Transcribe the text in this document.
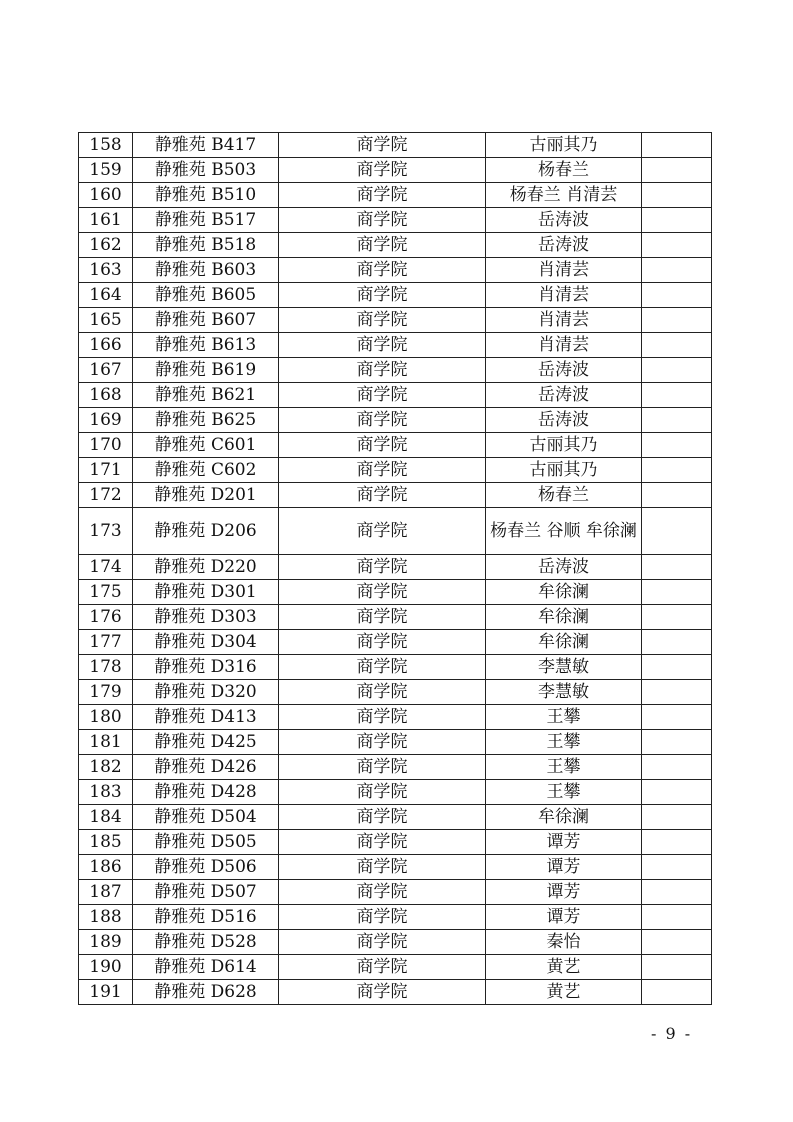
158	静雅苑 B417	商学院	古丽其乃	
159	静雅苑 B503	商学院	杨春兰	
160	静雅苑 B510	商学院	杨春兰 肖清芸	
161	静雅苑 B517	商学院	岳涛波	
162	静雅苑 B518	商学院	岳涛波	
163	静雅苑 B603	商学院	肖清芸	
164	静雅苑 B605	商学院	肖清芸	
165	静雅苑 B607	商学院	肖清芸	
166	静雅苑 B613	商学院	肖清芸	
167	静雅苑 B619	商学院	岳涛波	
168	静雅苑 B621	商学院	岳涛波	
169	静雅苑 B625	商学院	岳涛波	
170	静雅苑 C601	商学院	古丽其乃	
171	静雅苑 C602	商学院	古丽其乃	
172	静雅苑 D201	商学院	杨春兰	
173	静雅苑 D206	商学院	杨春兰 谷顺 牟徐澜	
174	静雅苑 D220	商学院	岳涛波	
175	静雅苑 D301	商学院	牟徐澜	
176	静雅苑 D303	商学院	牟徐澜	
177	静雅苑 D304	商学院	牟徐澜	
178	静雅苑 D316	商学院	李慧敏	
179	静雅苑 D320	商学院	李慧敏	
180	静雅苑 D413	商学院	王攀	
181	静雅苑 D425	商学院	王攀	
182	静雅苑 D426	商学院	王攀	
183	静雅苑 D428	商学院	王攀	
184	静雅苑 D504	商学院	牟徐澜	
185	静雅苑 D505	商学院	谭芳	
186	静雅苑 D506	商学院	谭芳	
187	静雅苑 D507	商学院	谭芳	
188	静雅苑 D516	商学院	谭芳	
189	静雅苑 D528	商学院	秦怡	
190	静雅苑 D614	商学院	黄艺	
191	静雅苑 D628	商学院	黄艺	
- 9 -
